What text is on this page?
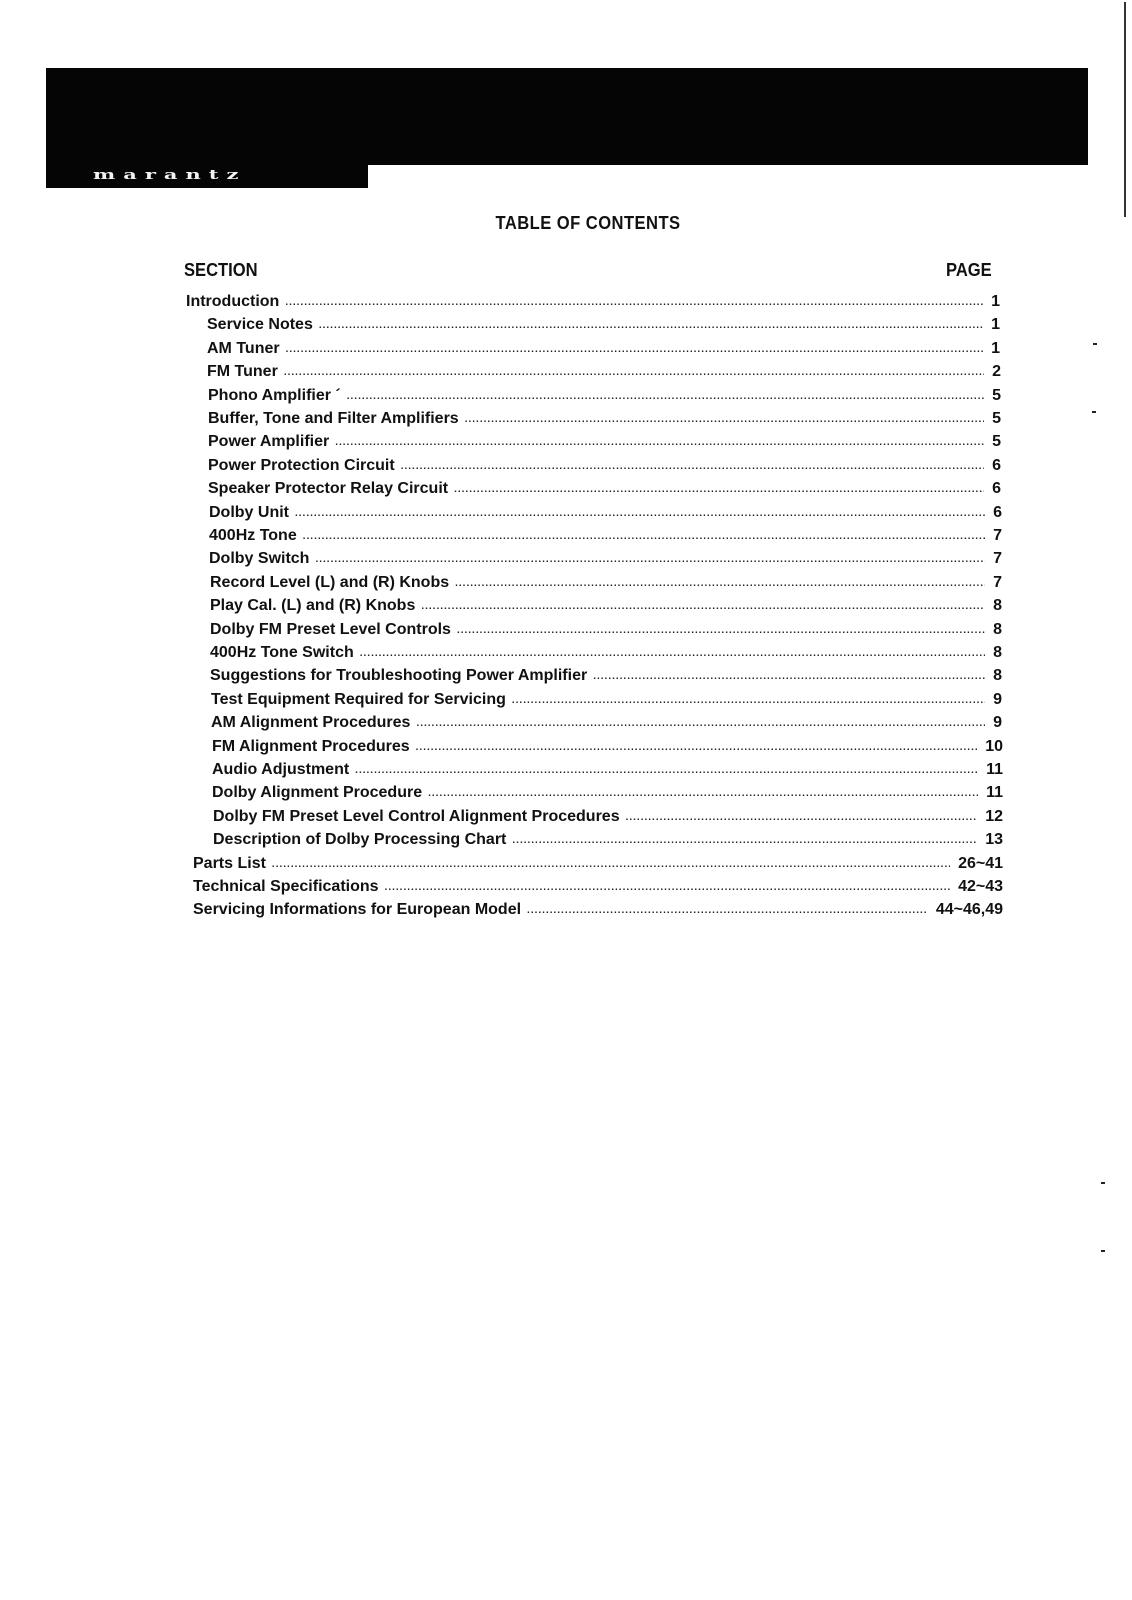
marantz
TABLE OF CONTENTS
SECTION	PAGE
Introduction .....	1
Service Notes .....	1
AM Tuner .....	1
FM Tuner .....	2
Phono Amplifier ´ .....	5
Buffer, Tone and Filter Amplifiers .....	5
Power Amplifier .....	5
Power Protection Circuit .....	6
Speaker Protector Relay Circuit .....	6
Dolby Unit .....	6
400Hz Tone .....	7
Dolby Switch .....	7
Record Level (L) and (R) Knobs .....	7
Play Cal. (L) and (R) Knobs .....	8
Dolby FM Preset Level Controls .....	8
400Hz Tone Switch .....	8
Suggestions for Troubleshooting Power Amplifier .....	8
Test Equipment Required for Servicing .....	9
AM Alignment Procedures .....	9
FM Alignment Procedures .....	10
Audio Adjustment .....	11
Dolby Alignment Procedure .....	11
Dolby FM Preset Level Control Alignment Procedures .....	12
Description of Dolby Processing Chart .....	13
Parts List .....	26~41
Technical Specifications .....	42~43
Servicing Informations for European Model .....	44~46,49
